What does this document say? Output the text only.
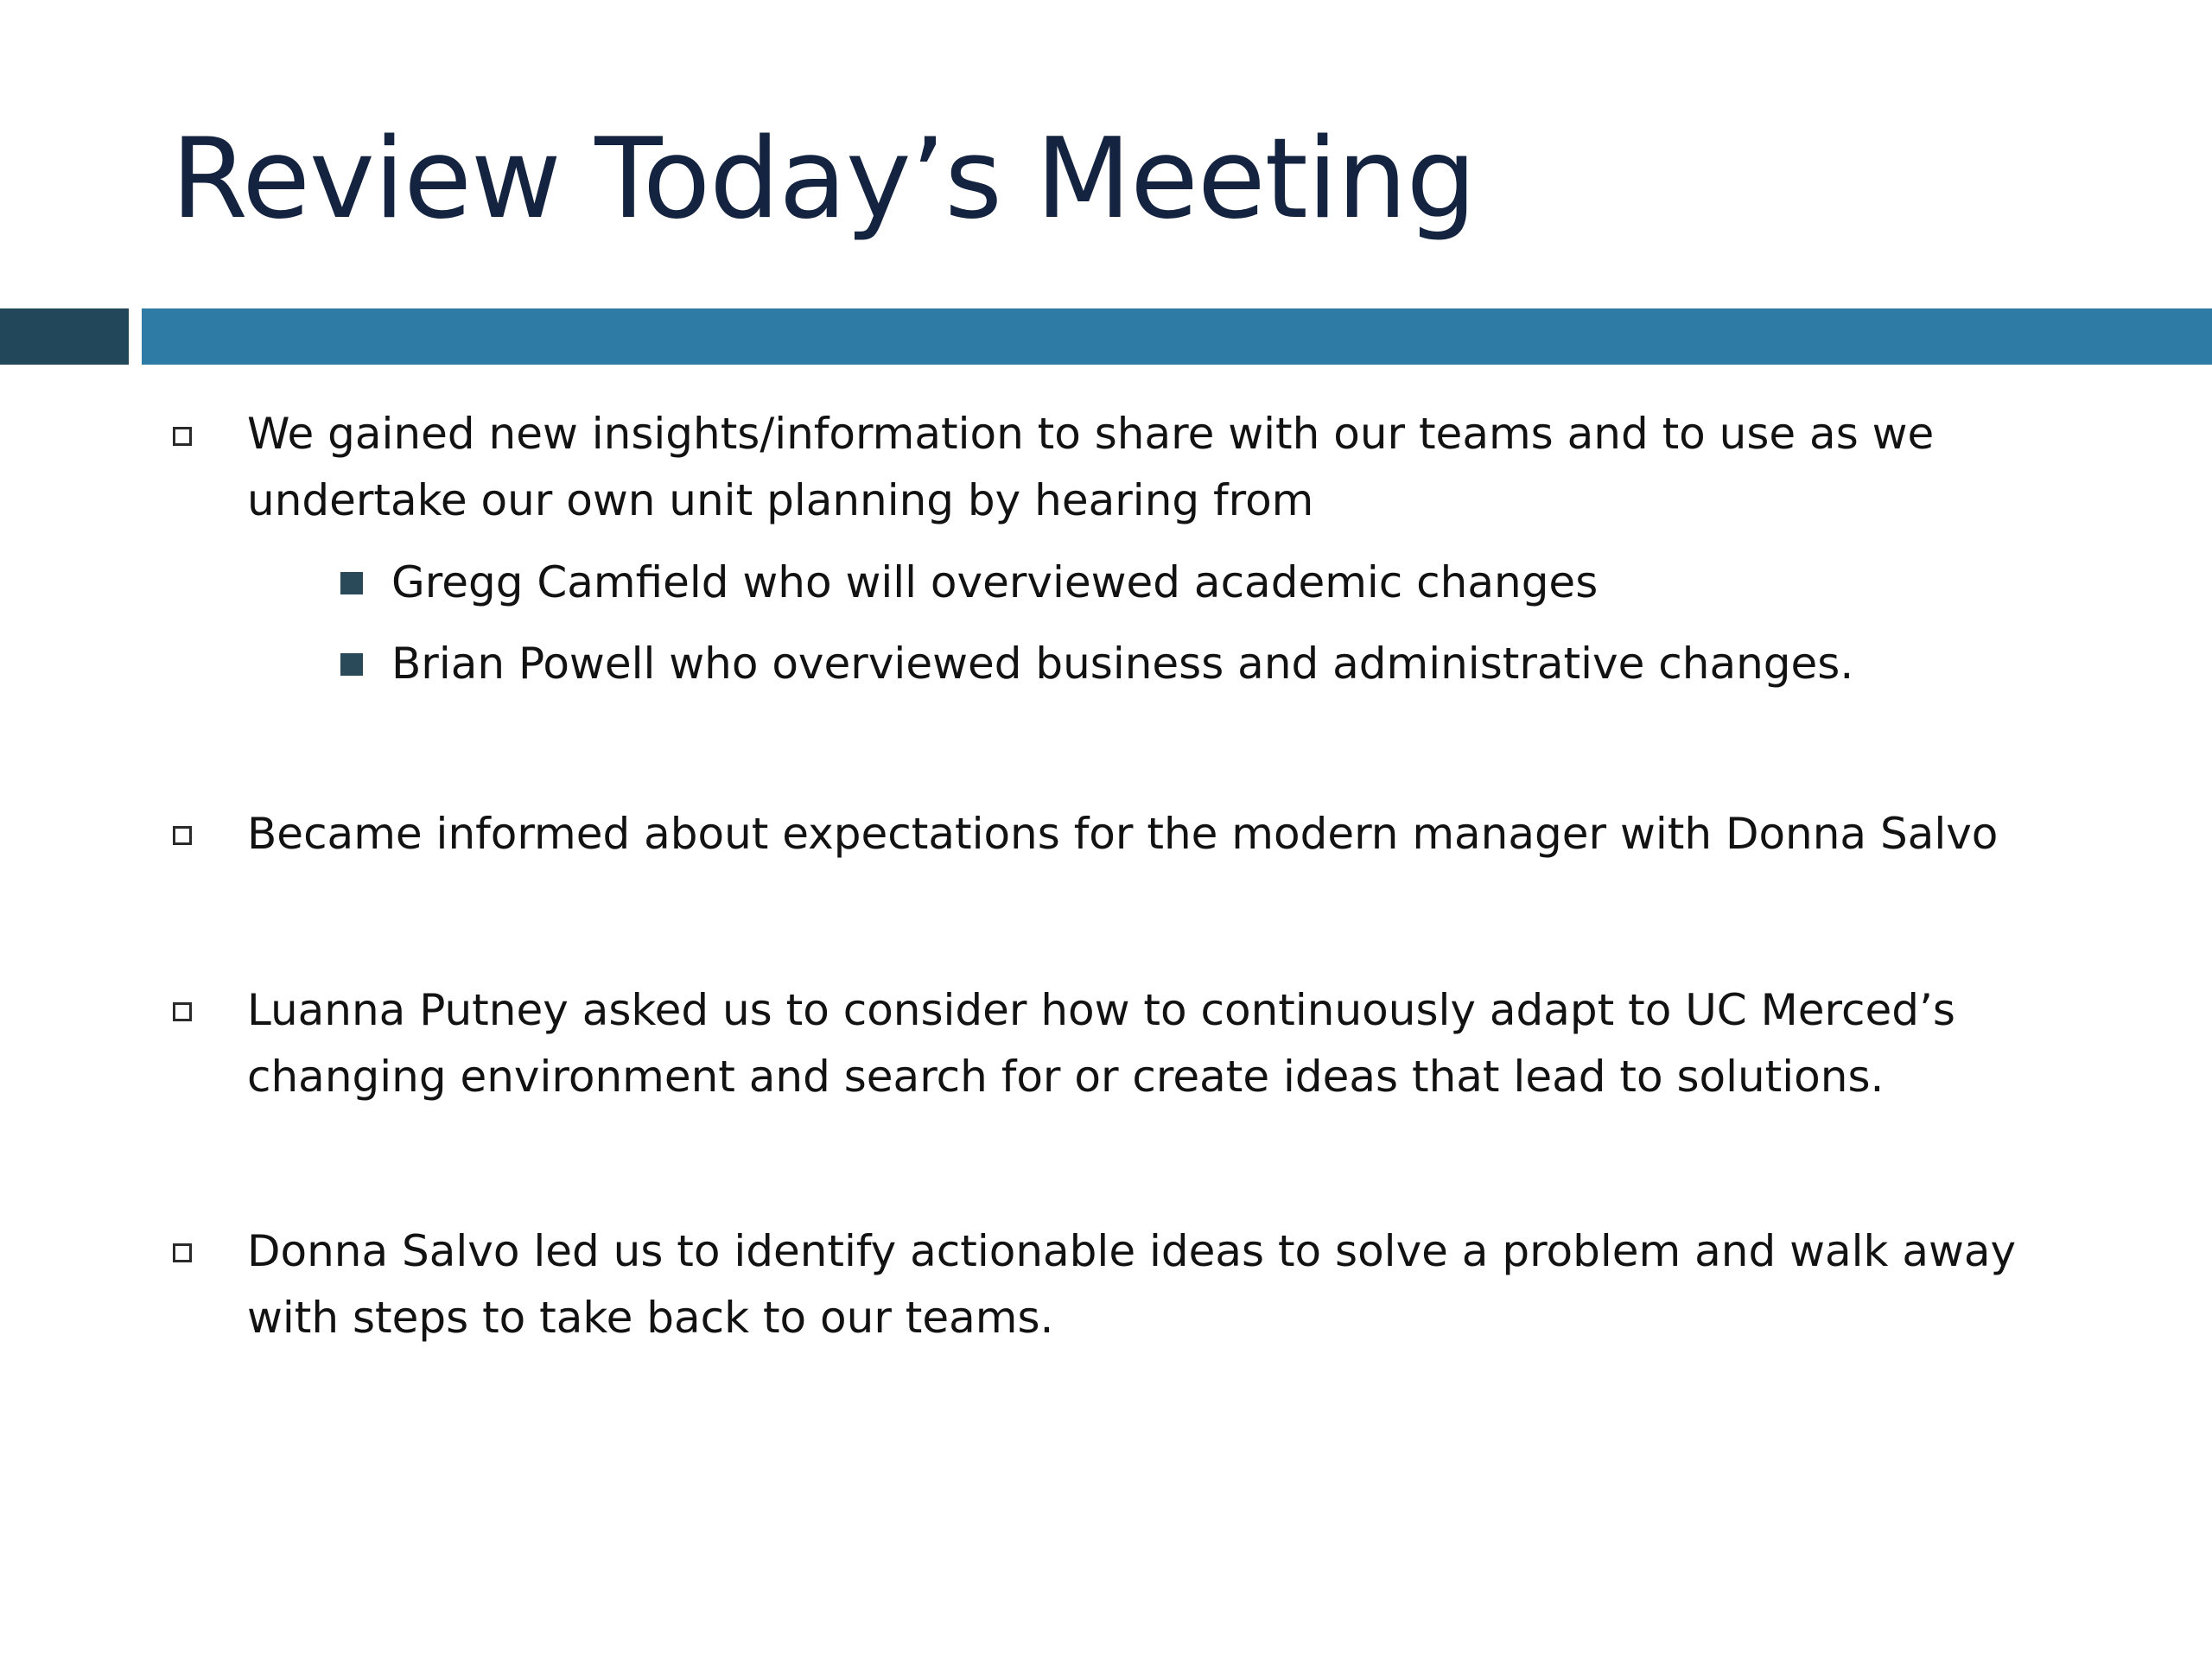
Review Today’s Meeting
We gained new insights/information to share with our teams and to use as we undertake our own unit planning by hearing from
Gregg Camfield who will overviewed academic changes
Brian Powell who overviewed business and administrative changes.
Became informed about expectations for the modern manager with Donna Salvo
Luanna Putney asked us to consider how to continuously adapt to UC Merced’s changing environment and search for or create ideas that lead to solutions.
Donna Salvo led us to identify actionable ideas to solve a problem and walk away with steps to take back to our teams.
